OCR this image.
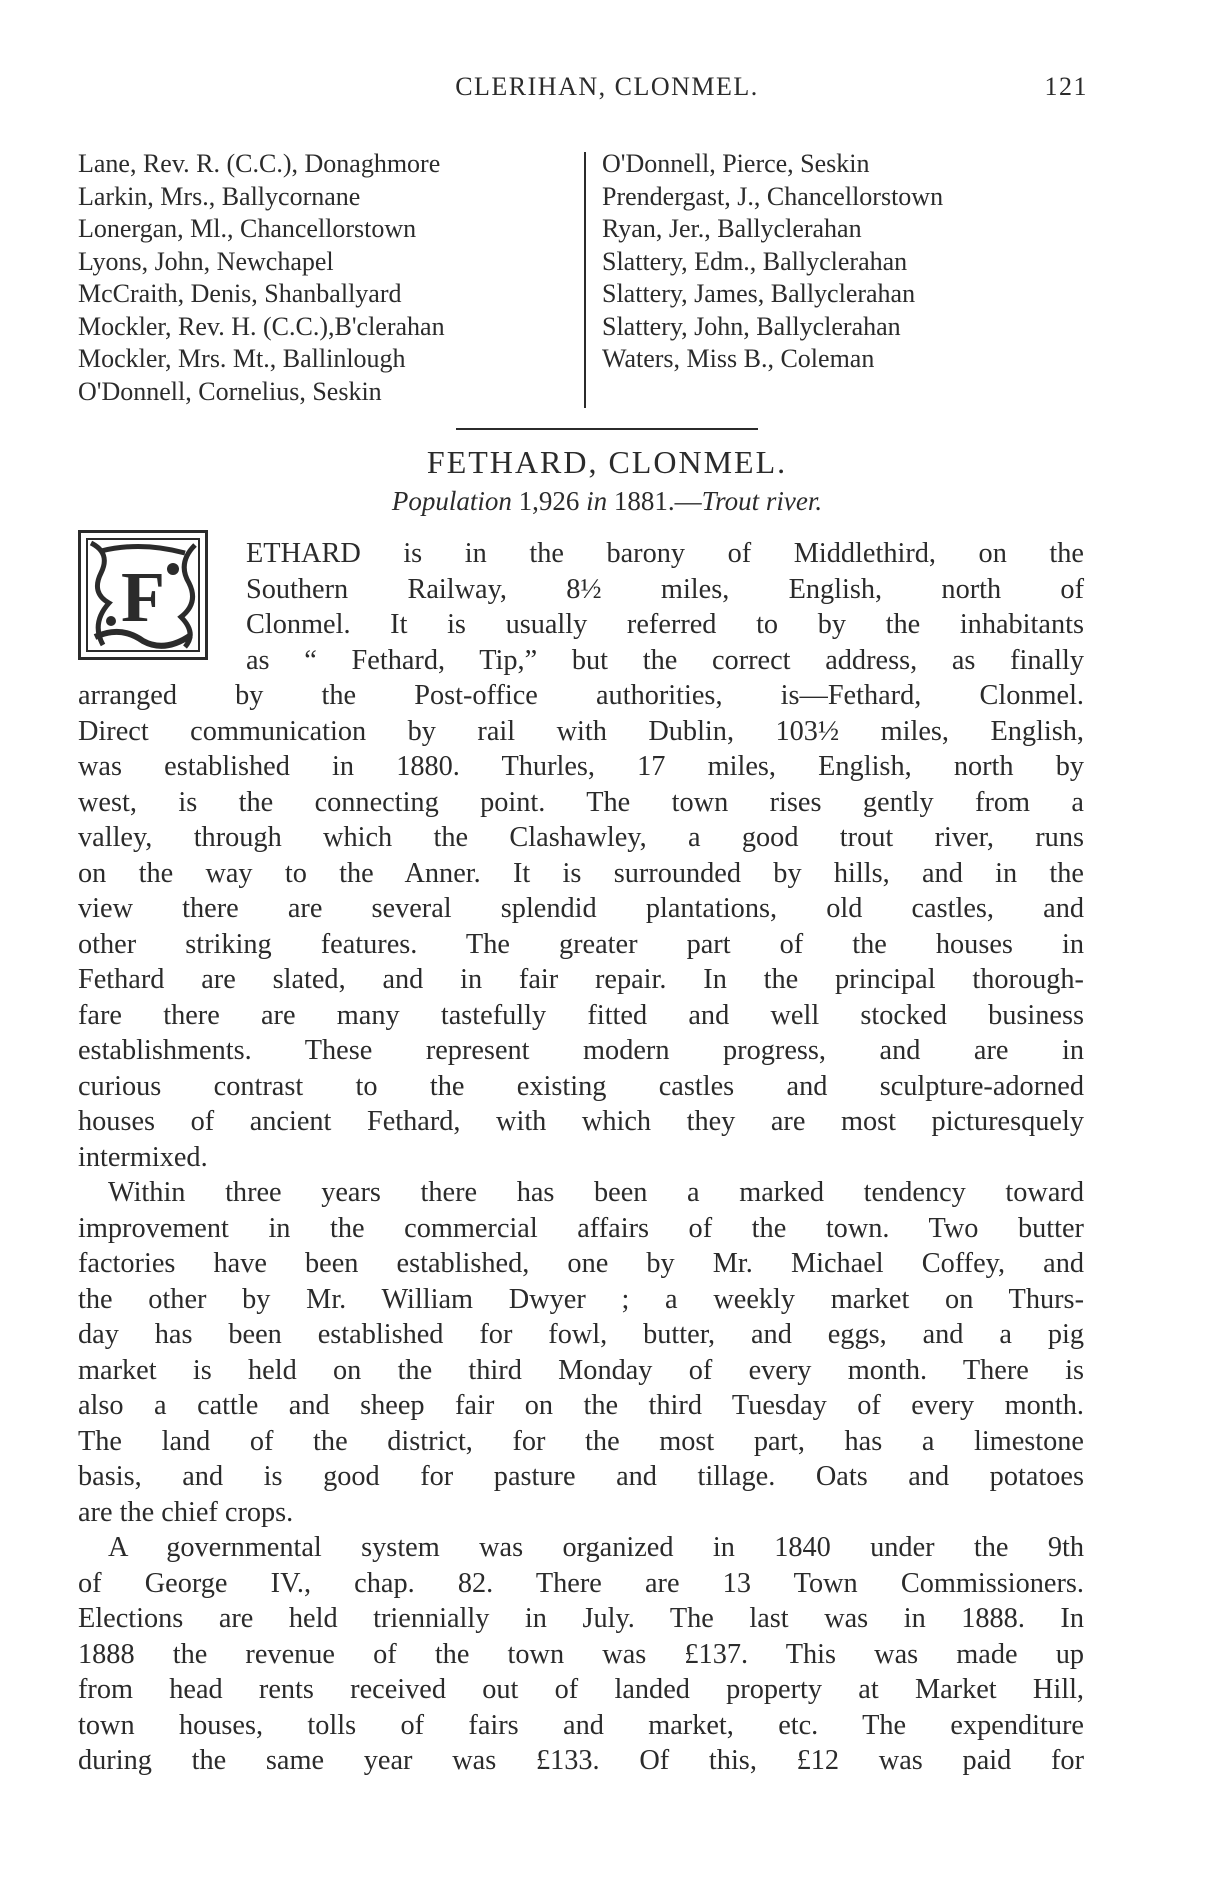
CLERIHAN, CLONMEL.	121
Lane, Rev. R. (C.C.), Donaghmore
Larkin, Mrs., Ballycornane
Lonergan, Ml., Chancellorstown
Lyons, John, Newchapel
McCraith, Denis, Shanballyard
Mockler, Rev. H. (C.C.),B'clerahan
Mockler, Mrs. Mt., Ballinlough
O'Donnell, Cornelius, Seskin
O'Donnell, Pierce, Seskin
Prendergast, J., Chancellorstown
Ryan, Jer., Ballyclerahan
Slattery, Edm., Ballyclerahan
Slattery, James, Ballyclerahan
Slattery, John, Ballyclerahan
Waters, Miss B., Coleman
FETHARD, CLONMEL.
Population 1,926 in 1881.—Trout river.
F
ETHARD is in the barony of Middlethird, on the
Southern Railway, 8½ miles, English, north of
Clonmel. It is usually referred to by the inhabitants
as “ Fethard, Tip,” but the correct address, as finally
arranged by the Post-office authorities, is—Fethard, Clonmel.
Direct communication by rail with Dublin, 103½ miles, English,
was established in 1880. Thurles, 17 miles, English, north by
west, is the connecting point. The town rises gently from a
valley, through which the Clashawley, a good trout river, runs
on the way to the Anner. It is surrounded by hills, and in the
view there are several splendid plantations, old castles, and
other striking features. The greater part of the houses in
Fethard are slated, and in fair repair. In the principal thorough-
fare there are many tastefully fitted and well stocked business
establishments. These represent modern progress, and are in
curious contrast to the existing castles and sculpture-adorned
houses of ancient Fethard, with which they are most picturesquely
intermixed.
Within three years there has been a marked tendency toward
improvement in the commercial affairs of the town. Two butter
factories have been established, one by Mr. Michael Coffey, and
the other by Mr. William Dwyer ; a weekly market on Thurs-
day has been established for fowl, butter, and eggs, and a pig
market is held on the third Monday of every month. There is
also a cattle and sheep fair on the third Tuesday of every month.
The land of the district, for the most part, has a limestone
basis, and is good for pasture and tillage. Oats and potatoes
are the chief crops.
A governmental system was organized in 1840 under the 9th
of George IV., chap. 82. There are 13 Town Commissioners.
Elections are held triennially in July. The last was in 1888. In
1888 the revenue of the town was £137. This was made up
from head rents received out of landed property at Market Hill,
town houses, tolls of fairs and market, etc. The expenditure
during the same year was £133. Of this, £12 was paid for
